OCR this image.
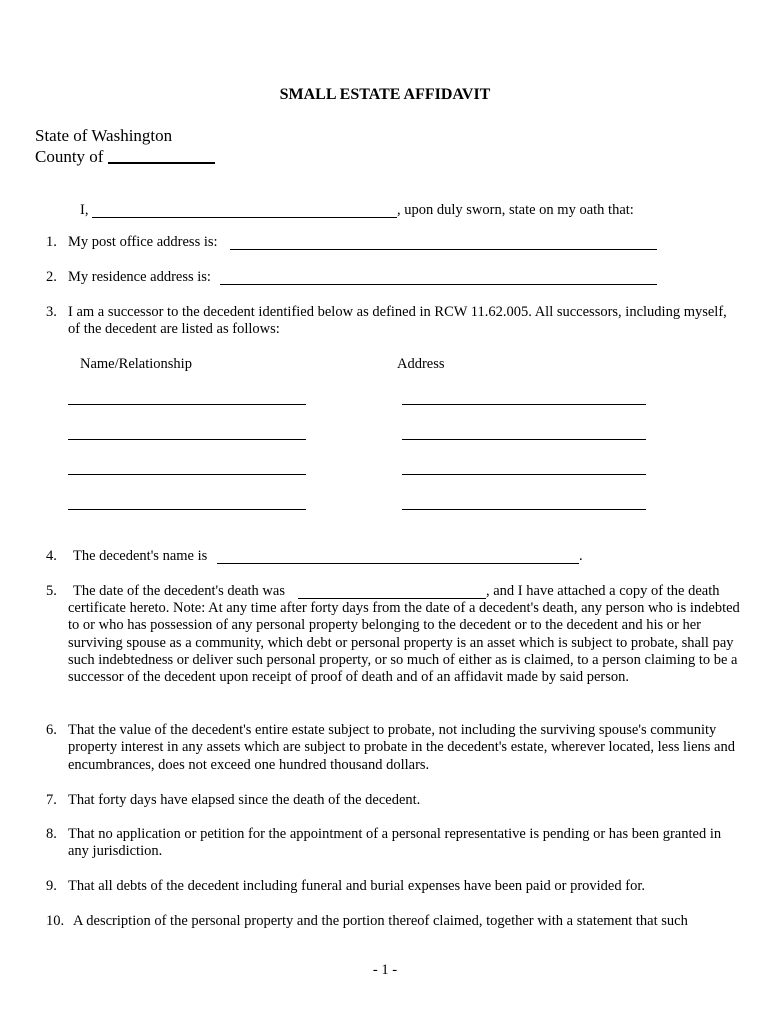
SMALL ESTATE AFFIDAVIT
State of Washington
County of
I,	, upon duly sworn, state on my oath that:
1. My post office address is:
2. My residence address is:
3. I am a successor to the decedent identified below as defined in RCW 11.62.005. All successors, including myself, of the decedent are listed as follows:
Name/Relationship	Address
4. The decedent's name is	.
5. The date of the decedent's death was	, and I have attached a copy of the death
certificate hereto. Note: At any time after forty days from the date of a decedent's death, any person who is indebted to or who has possession of any personal property belonging to the decedent or to the decedent and his or her surviving spouse as a community, which debt or personal property is an asset which is subject to probate, shall pay such indebtedness or deliver such personal property, or so much of either as is claimed, to a person claiming to be a successor of the decedent upon receipt of proof of death and of an affidavit made by said person.
6. That the value of the decedent's entire estate subject to probate, not including the surviving spouse's community property interest in any assets which are subject to probate in the decedent's estate, wherever located, less liens and encumbrances, does not exceed one hundred thousand dollars.
7. That forty days have elapsed since the death of the decedent.
8. That no application or petition for the appointment of a personal representative is pending or has been granted in any jurisdiction.
9. That all debts of the decedent including funeral and burial expenses have been paid or provided for.
10. A description of the personal property and the portion thereof claimed, together with a statement that such
- 1 -
